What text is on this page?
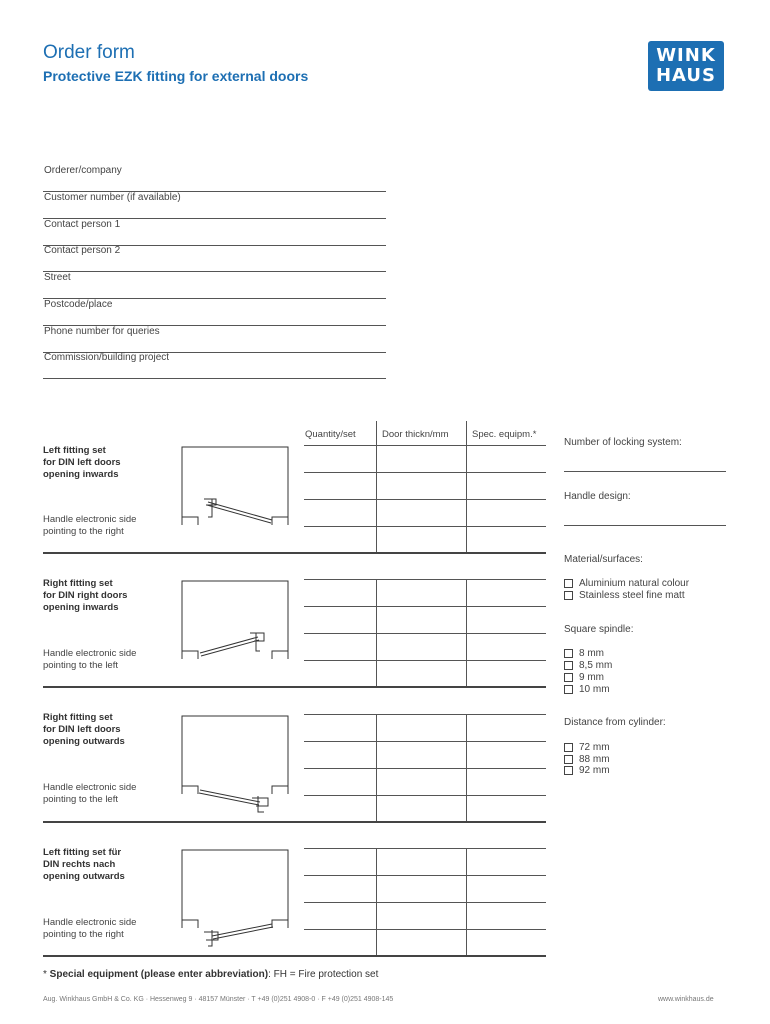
Order form
Protective EZK fitting for external doors
WINK
HAUS
Orderer/company
Customer number (if available)
Contact person 1
Contact person 2
Street
Postcode/place
Phone number for queries
Commission/building project
Quantity/set	Door thickn/mm Spec. equipm.*
Left fitting set
for DIN left doors
opening inwards
Handle electronic side
pointing to the right
Right fitting set
for DIN right doors
opening inwards
Handle electronic side
pointing to the left
Right fitting set
for DIN left doors
opening outwards
Handle electronic side
pointing to the left
Left fitting set für
DIN rechts nach
opening outwards
Handle electronic side
pointing to the right
Number of locking system:
Handle design:
Material/surfaces:
Aluminium natural colour
Stainless steel fine matt
Square spindle:
8 mm
8,5 mm
9 mm
10 mm
Distance from cylinder:
72 mm
88 mm
92 mm
* Special equipment (please enter abbreviation): FH = Fire protection set
Aug. Winkhaus GmbH & Co. KG · Hessenweg 9 · 48157 Münster · T +49 (0)251 4908-0 · F +49 (0)251 4908-145	www.winkhaus.de
